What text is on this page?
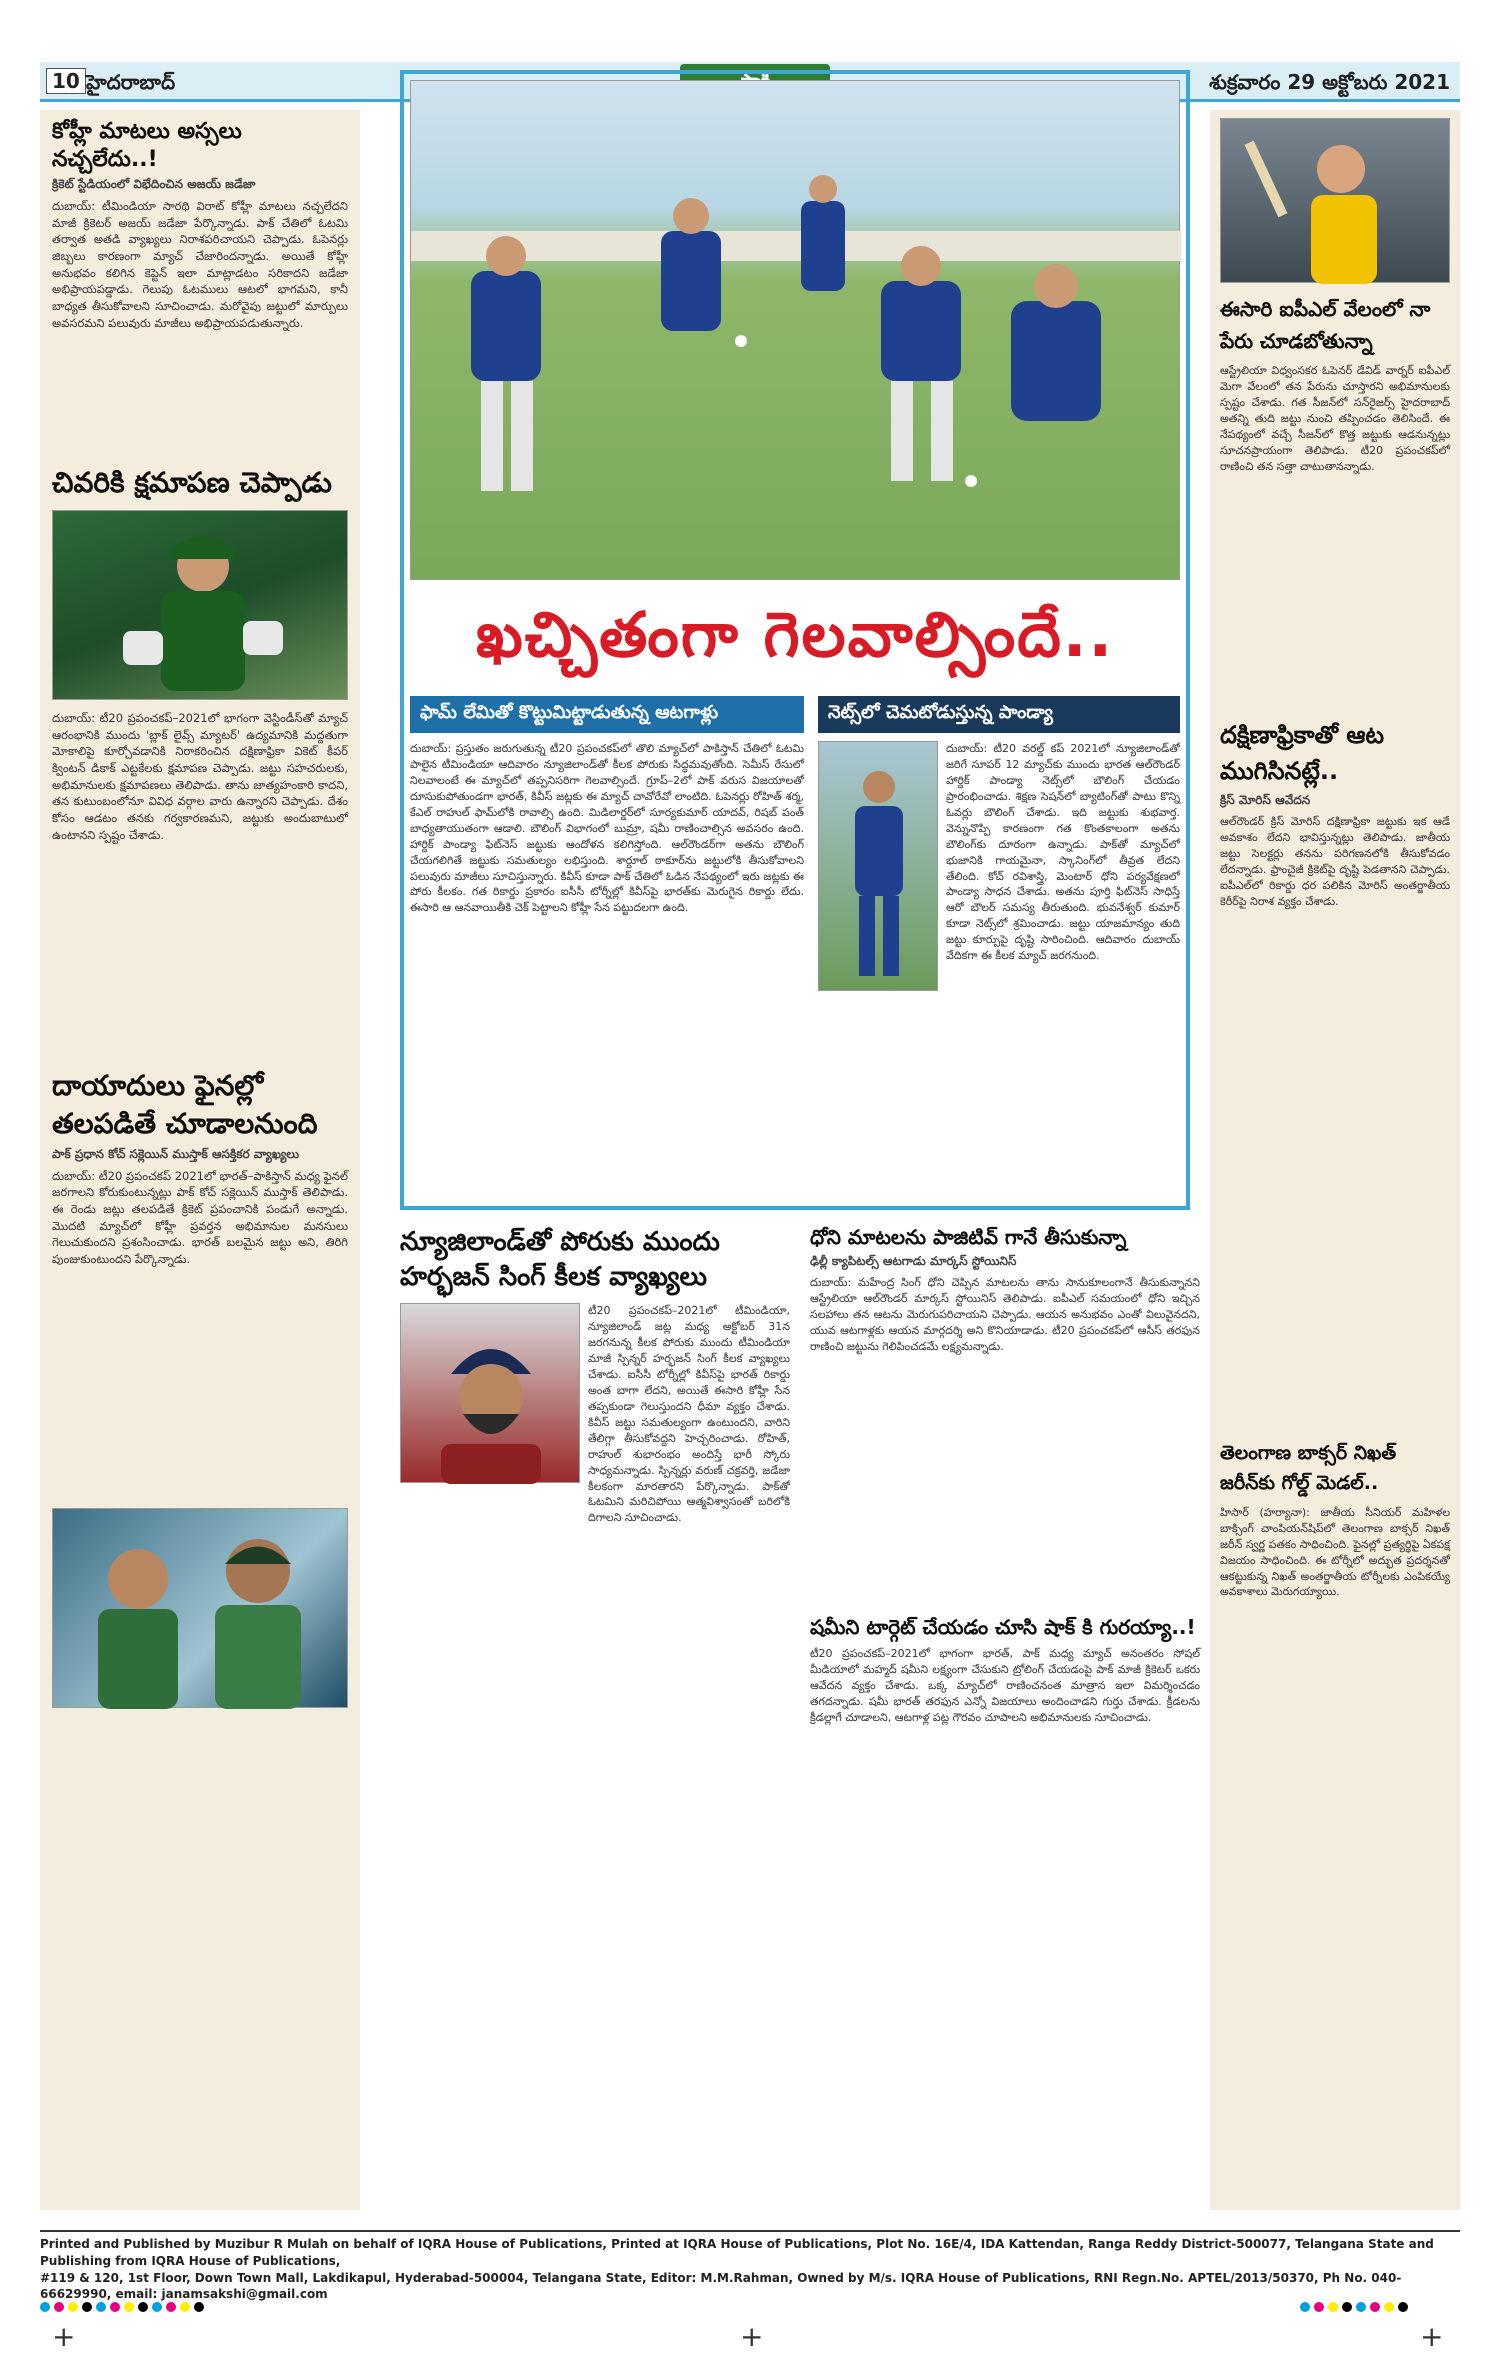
10 హైదరాబాద్	శుక్రవారం 29 అక్టోబరు 2021
కోహ్లీ మాటలు అస్సలు నచ్చలేదు..!
క్రికెట్ స్టేడియంలో విభేదించిన అజయ్ జడేజా
దుబాయ్: టీమిండియా సారథి విరాట్ కోహ్లీ మాటలు నచ్చలేదని మాజీ క్రికెటర్ అజయ్ జడేజా పేర్కొన్నాడు. పాక్ చేతిలో ఓటమి తర్వాత అతడి వ్యాఖ్యలు నిరాశపరిచాయని చెప్పాడు. ఓపెనర్లు జిబ్బలు కారణంగా మ్యాచ్ చేజారిందన్నాడు. అయితే కోహ్లీ అనుభవం కలిగిన కెప్టెన్ ఇలా మాట్లాడటం సరికాదని జడేజా అభిప్రాయపడ్డాడు. గెలుపు ఓటములు ఆటలో భాగమని, కానీ బాధ్యత తీసుకోవాలని సూచించాడు. మరోవైపు జట్టులో మార్పులు అవసరమని పలువురు మాజీలు అభిప్రాయపడుతున్నారు.
చివరికి క్షమాపణ చెప్పాడు
దుబాయ్: టీ20 ప్రపంచకప్‌–2021లో భాగంగా వెస్టిండీస్‌తో మ్యాచ్ ఆరంభానికి ముందు 'బ్లాక్ లైవ్స్ మ్యాటర్' ఉద్యమానికి మద్దతుగా మోకాలిపై కూర్చోవడానికి నిరాకరించిన దక్షిణాఫ్రికా వికెట్ కీపర్ క్వింటన్ డికాక్ ఎట్టకేలకు క్షమాపణ చెప్పాడు. జట్టు సహచరులకు, అభిమానులకు క్షమాపణలు తెలిపాడు. తాను జాత్యహంకారి కాదని, తన కుటుంబంలోనూ వివిధ వర్గాల వారు ఉన్నారని చెప్పాడు. దేశం కోసం ఆడటం తనకు గర్వకారణమని, జట్టుకు అందుబాటులో ఉంటానని స్పష్టం చేశాడు.
దాయాదులు ఫైనల్లో తలపడితే చూడాలనుంది
పాక్ ప్రధాన కోచ్ సక్లెయిన్ ముస్తాక్ ఆసక్తికర వ్యాఖ్యలు
దుబాయ్: టీ20 ప్రపంచకప్‌ 2021లో భారత్–పాకిస్తాన్ మధ్య ఫైనల్ జరగాలని కోరుకుంటున్నట్లు పాక్ కోచ్ సక్లెయిన్ ముస్తాక్ తెలిపాడు. ఈ రెండు జట్లు తలపడితే క్రికెట్ ప్రపంచానికి పండుగే అన్నాడు. మొదటి మ్యాచ్‌లో కోహ్లీ ప్రవర్తన అభిమానుల మనసులు గెలుచుకుందని ప్రశంసించాడు. భారత్ బలమైన జట్టు అని, తిరిగి పుంజుకుంటుందని పేర్కొన్నాడు.
ఖచ్చితంగా గెలవాల్సిందే..
ఫామ్ లేమితో కొట్టుమిట్టాడుతున్న ఆటగాళ్లు
దుబాయ్: ప్రస్తుతం జరుగుతున్న టీ20 ప్రపంచకప్‌లో తొలి మ్యాచ్‌లో పాకిస్తాన్ చేతిలో ఓటమి పాలైన టీమిండియా ఆదివారం న్యూజిలాండ్‌తో కీలక పోరుకు సిద్ధమవుతోంది. సెమీస్ రేసులో నిలవాలంటే ఈ మ్యాచ్‌లో తప్పనిసరిగా గెలవాల్సిందే. గ్రూప్‌–2లో పాక్ వరుస విజయాలతో దూసుకుపోతుండగా భారత్, కివీస్ జట్లకు ఈ మ్యాచ్ చావోరేవో లాంటిది. ఓపెనర్లు రోహిత్ శర్మ, కేఎల్ రాహుల్ ఫామ్‌లోకి రావాల్సి ఉంది. మిడిలార్డర్‌లో సూర్యకుమార్ యాదవ్, రిషబ్ పంత్ బాధ్యతాయుతంగా ఆడాలి. బౌలింగ్ విభాగంలో బుమ్రా, షమీ రాణించాల్సిన అవసరం ఉంది. హార్దిక్ పాండ్యా ఫిట్‌నెస్ జట్టుకు ఆందోళన కలిగిస్తోంది. ఆల్‌రౌండర్‌గా అతను బౌలింగ్ చేయగలిగితే జట్టుకు సమతుల్యం లభిస్తుంది. శార్దూల్ ఠాకూర్‌ను జట్టులోకి తీసుకోవాలని పలువురు మాజీలు సూచిస్తున్నారు. కివీస్ కూడా పాక్ చేతిలో ఓడిన నేపథ్యంలో ఇరు జట్లకు ఈ పోరు కీలకం. గత రికార్డు ప్రకారం ఐసీసీ టోర్నీల్లో కివీస్‌పై భారత్‌కు మెరుగైన రికార్డు లేదు. ఈసారి ఆ ఆనవాయితీకి చెక్ పెట్టాలని కోహ్లీ సేన పట్టుదలగా ఉంది.
నెట్స్‌లో చెమటోడుస్తున్న పాండ్యా
దుబాయ్: టీ20 వరల్డ్ కప్‌ 2021లో న్యూజిలాండ్‌తో జరిగే సూపర్ 12 మ్యాచ్‌కు ముందు భారత ఆల్‌రౌండర్ హార్దిక్ పాండ్యా నెట్స్‌లో బౌలింగ్ చేయడం ప్రారంభించాడు. శిక్షణ సెషన్‌లో బ్యాటింగ్‌తో పాటు కొన్ని ఓవర్లు బౌలింగ్ చేశాడు. ఇది జట్టుకు శుభవార్త. వెన్నునొప్పి కారణంగా గత కొంతకాలంగా అతను బౌలింగ్‌కు దూరంగా ఉన్నాడు. పాక్‌తో మ్యాచ్‌లో భుజానికి గాయమైనా, స్కానింగ్‌లో తీవ్రత లేదని తేలింది. కోచ్ రవిశాస్త్రి, మెంటార్ ధోని పర్యవేక్షణలో పాండ్యా సాధన చేశాడు. అతను పూర్తి ఫిట్‌నెస్ సాధిస్తే ఆరో బౌలర్ సమస్య తీరుతుంది. భువనేశ్వర్ కుమార్ కూడా నెట్స్‌లో శ్రమించాడు. జట్టు యాజమాన్యం తుది జట్టు కూర్పుపై దృష్టి సారించింది. ఆదివారం దుబాయ్ వేదికగా ఈ కీలక మ్యాచ్ జరగనుంది.
న్యూజిలాండ్‌తో పోరుకు ముందు హర్భజన్ సింగ్ కీలక వ్యాఖ్యలు
టీ20 ప్రపంచకప్‌–2021లో టీమిండియా, న్యూజిలాండ్ జట్ల మధ్య అక్టోబర్ 31న జరగనున్న కీలక పోరుకు ముందు టీమిండియా మాజీ స్పిన్నర్ హర్భజన్ సింగ్ కీలక వ్యాఖ్యలు చేశాడు. ఐసీసీ టోర్నీల్లో కివీస్‌పై భారత్ రికార్డు అంత బాగా లేదని, అయితే ఈసారి కోహ్లీ సేన తప్పకుండా గెలుస్తుందని ధీమా వ్యక్తం చేశాడు. కివీస్ జట్టు సమతుల్యంగా ఉంటుందని, వారిని తేలిగ్గా తీసుకోవద్దని హెచ్చరించాడు. రోహిత్, రాహుల్ శుభారంభం అందిస్తే భారీ స్కోరు సాధ్యమన్నాడు. స్పిన్నర్లు వరుణ్ చక్రవర్తి, జడేజా కీలకంగా మారతారని పేర్కొన్నాడు. పాక్‌తో ఓటమిని మరిచిపోయి ఆత్మవిశ్వాసంతో బరిలోకి దిగాలని సూచించాడు.
ధోని మాటలను పాజిటివ్ గానే తీసుకున్నా
ఢిల్లీ క్యాపిటల్స్ ఆటగాడు మార్కస్ స్టోయినిస్
దుబాయ్: మహేంద్ర సింగ్ ధోని చెప్పిన మాటలను తాను సానుకూలంగానే తీసుకున్నానని ఆస్ట్రేలియా ఆల్‌రౌండర్ మార్కస్ స్టోయినిస్ తెలిపాడు. ఐపీఎల్ సమయంలో ధోని ఇచ్చిన సలహాలు తన ఆటను మెరుగుపరిచాయని చెప్పాడు. ఆయన అనుభవం ఎంతో విలువైనదని, యువ ఆటగాళ్లకు ఆయన మార్గదర్శి అని కొనియాడాడు. టీ20 ప్రపంచకప్‌లో ఆసీస్ తరఫున రాణించి జట్టును గెలిపించడమే లక్ష్యమన్నాడు.
షమీని టార్గెట్ చేయడం చూసి షాక్ కి గురయ్యా..!
టీ20 ప్రపంచకప్‌–2021లో భాగంగా భారత్, పాక్ మధ్య మ్యాచ్ అనంతరం సోషల్ మీడియాలో మహ్మద్ షమీని లక్ష్యంగా చేసుకుని ట్రోలింగ్ చేయడంపై పాక్ మాజీ క్రికెటర్ ఒకరు ఆవేదన వ్యక్తం చేశాడు. ఒక్క మ్యాచ్‌లో రాణించనంత మాత్రాన ఇలా విమర్శించడం తగదన్నాడు. షమీ భారత్ తరఫున ఎన్నో విజయాలు అందించాడని గుర్తు చేశాడు. క్రీడలను క్రీడల్లాగే చూడాలని, ఆటగాళ్ల పట్ల గౌరవం చూపాలని అభిమానులకు సూచించాడు.
ఈసారి ఐపీఎల్ వేలంలో నా పేరు చూడబోతున్నా
ఆస్ట్రేలియా విధ్వంసకర ఓపెనర్ డేవిడ్ వార్నర్ ఐపీఎల్ మెగా వేలంలో తన పేరును చూస్తారని అభిమానులకు స్పష్టం చేశాడు. గత సీజన్‌లో సన్‌రైజర్స్ హైదరాబాద్ అతన్ని తుది జట్టు నుంచి తప్పించడం తెలిసిందే. ఈ నేపథ్యంలో వచ్చే సీజన్‌లో కొత్త జట్టుకు ఆడనున్నట్లు సూచనప్రాయంగా తెలిపాడు. టీ20 ప్రపంచకప్‌లో రాణించి తన సత్తా చాటుతానన్నాడు.
దక్షిణాఫ్రికాతో ఆట ముగిసినట్లే..
క్రిస్ మోరిస్ ఆవేదన
ఆల్‌రౌండర్ క్రిస్ మోరిస్ దక్షిణాఫ్రికా జట్టుకు ఇక ఆడే అవకాశం లేదని భావిస్తున్నట్లు తెలిపాడు. జాతీయ జట్టు సెలక్టర్లు తనను పరిగణనలోకి తీసుకోవడం లేదన్నాడు. ఫ్రాంచైజీ క్రికెట్‌పై దృష్టి పెడతానని చెప్పాడు. ఐపీఎల్‌లో రికార్డు ధర పలికిన మోరిస్ అంతర్జాతీయ కెరీర్‌పై నిరాశ వ్యక్తం చేశాడు.
తెలంగాణ బాక్సర్ నిఖత్ జరీన్‌కు గోల్డ్ మెడల్..
హిసార్ (హర్యానా): జాతీయ సీనియర్ మహిళల బాక్సింగ్ చాంపియన్‌షిప్‌లో తెలంగాణ బాక్సర్ నిఖత్ జరీన్ స్వర్ణ పతకం సాధించింది. ఫైనల్లో ప్రత్యర్థిపై ఏకపక్ష విజయం సాధించింది. ఈ టోర్నీలో అద్భుత ప్రదర్శనతో ఆకట్టుకున్న నిఖత్ అంతర్జాతీయ టోర్నీలకు ఎంపికయ్యే అవకాశాలు మెరుగయ్యాయి.
Printed and Published by Muzibur R Mulah on behalf of IQRA House of Publications, Printed at IQRA House of Publications, Plot No. 16E/4, IDA Kattendan, Ranga Reddy District-500077, Telangana State and Publishing from IQRA House of Publications,
#119 & 120, 1st Floor, Down Town Mall, Lakdikapul, Hyderabad-500004, Telangana State, Editor: M.M.Rahman, Owned by M/s. IQRA House of Publications, RNI Regn.No. APTEL/2013/50370, Ph No. 040-66629990, email: janamsakshi@gmail.com
+	+	+
